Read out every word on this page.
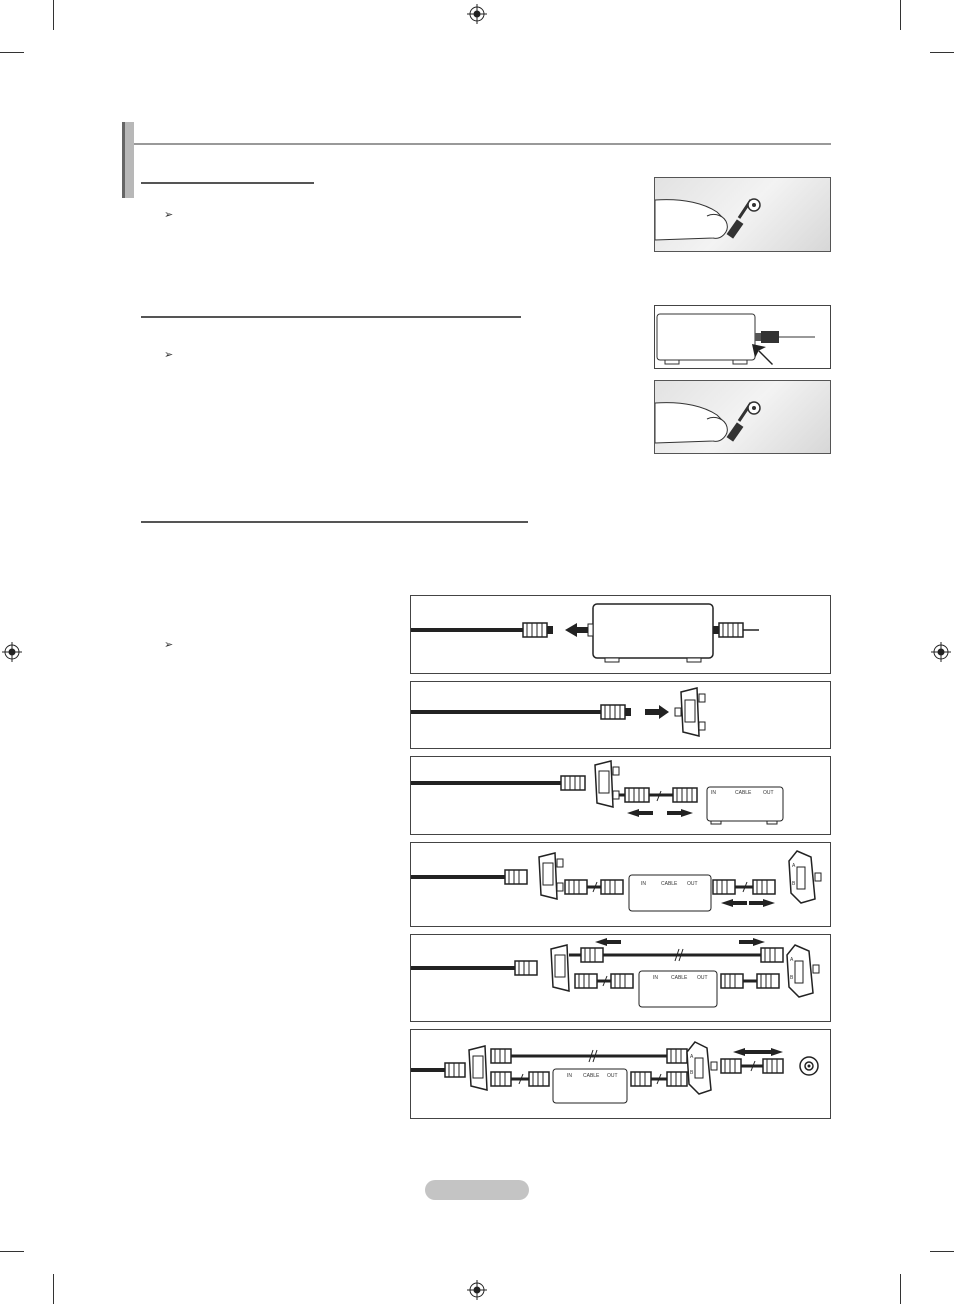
➢
➢
➢
IN	CABLE OUT
IN	CABLE OUT
A
B
IN	CABLE OUT
A
B
IN CABLE OUT
A
B
